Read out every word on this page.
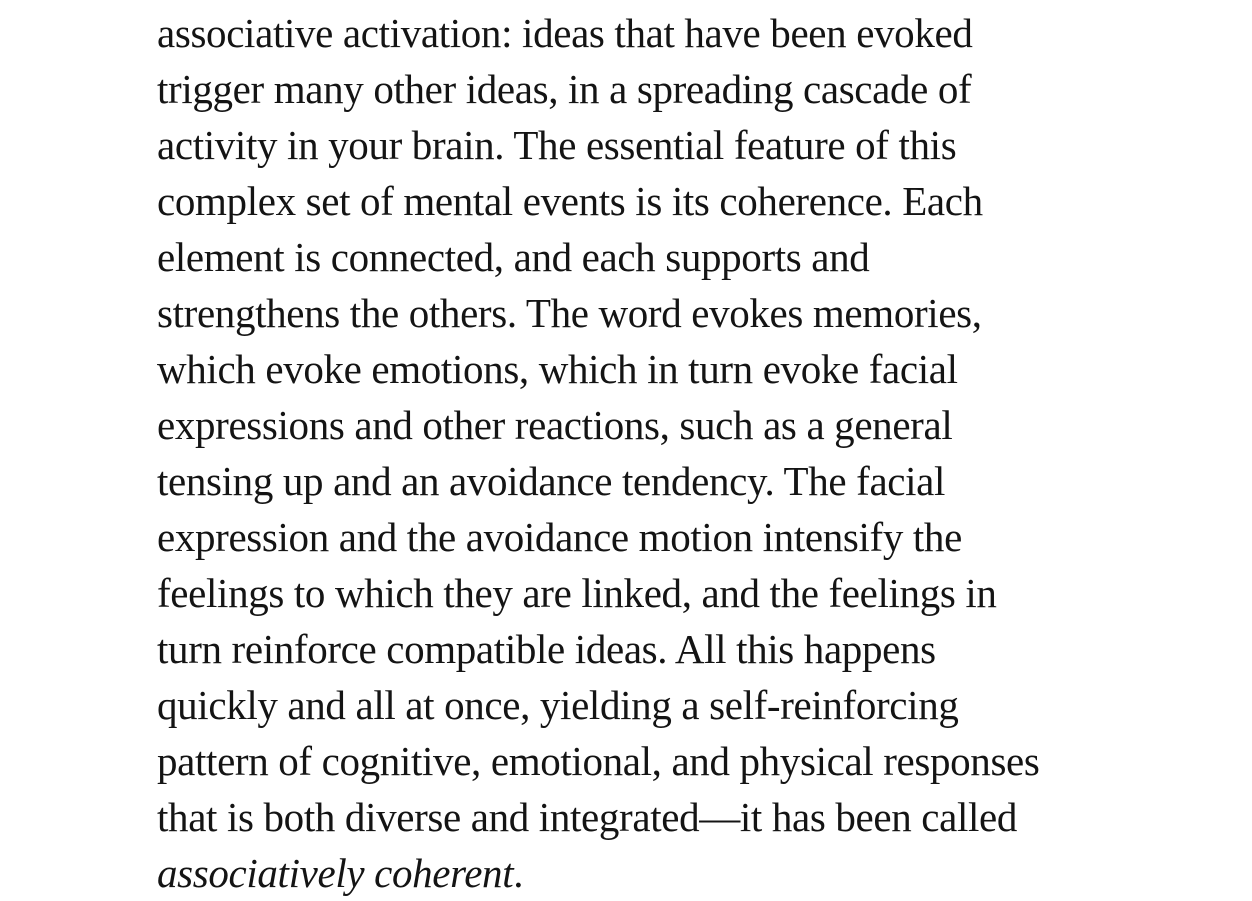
associative activation: ideas that have been evoked
trigger many other ideas, in a spreading cascade of
activity in your brain. The essential feature of this
complex set of mental events is its coherence. Each
element is connected, and each supports and
strengthens the others. The word evokes memories,
which evoke emotions, which in turn evoke facial
expressions and other reactions, such as a general
tensing up and an avoidance tendency. The facial
expression and the avoidance motion intensify the
feelings to which they are linked, and the feelings in
turn reinforce compatible ideas. All this happens
quickly and all at once, yielding a self-reinforcing
pattern of cognitive, emotional, and physical responses
that is both diverse and integrated—it has been called
associatively coherent.
